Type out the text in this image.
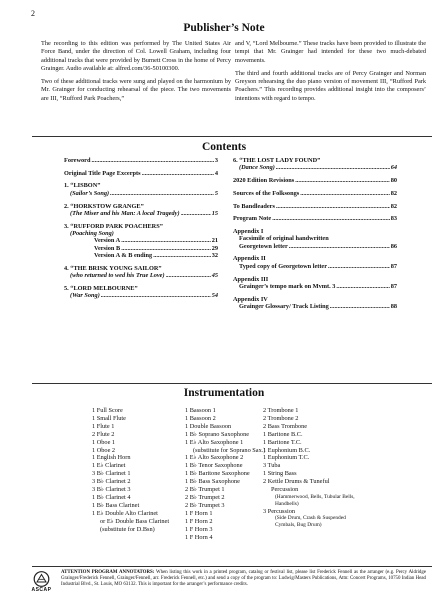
2
Publisher’s Note

The recording to this edition was performed by The United States Air Force Band, under the direction of Col. Lowell Graham, including four additional tracks that were provided by Burnett Cross in the home of Percy Grainger. Audio available at: alfred.com/36-50100300.

Two of these additional tracks were sung and played on the harmonium by Mr. Grainger for conducting rehearsal of the piece. The two movements are III, “Rufford Park Poachers,”

and V, “Lord Melbourne.” These tracks have been provided to illustrate the tempi that Mr. Grainger had intended for these two much-debated movements.

The third and fourth additional tracks are of Percy Grainger and Norman Greyson rehearsing the duo piano version of movement III, “Rufford Park Poachers.” This recording provides additional insight into the composers’ intentions with regard to tempo.

Contents
Foreword .....	3
Original Title Page Excerpts .....	4
1. “LISBON”
(Sailor’s Song) .....	5
2. “HORKSTOW GRANGE”
(The Miser and his Man: A local Tragedy) .....	15
3. “RUFFORD PARK POACHERS”
(Poaching Song)
Version A .....	21
Version B .....	29
Version A & B ending .....	32
4. “THE BRISK YOUNG SAILOR”
(who returned to wed his True Love) .....	45
5. “LORD MELBOURNE”
(War Song) .....	54
6. “THE LOST LADY FOUND”
(Dance Song) .....	64
2020 Edition Revisions .....	80
Sources of the Folksongs .....	82
To Bandleaders .....	82
Program Note .....	83
Appendix I
Facsimile of original handwritten
Georgetown letter .....	86
Appendix II
Typed copy of Georgetown letter .....	87
Appendix III
Grainger’s tempo mark on Mvmt. 3 .....	87
Appendix IV
Grainger Glossary/ Track Listing .....	88
Instrumentation
1 Full Score
1 Small Flute
1 Flute 1
2 Flute 2
1 Oboe 1
1 Oboe 2
1 English Horn
1 E♭ Clarinet
3 B♭ Clarinet 1
3 B♭ Clarinet 2
3 B♭ Clarinet 3
1 B♭ Clarinet 4
1 B♭ Bass Clarinet
1 E♭ Double Alto Clarinet
or E♭ Double Bass Clarinet
(substitute for D.Bsn)
1 Bassoon 1
1 Bassoon 2
1 Double Bassoon
1 B♭ Soprano Saxophone
1 E♭ Alto Saxophone 1
(substitute for Soprano Sax.)
1 E♭ Alto Saxophone 2
1 B♭ Tenor Saxophone
1 B♭ Baritone Saxophone
1 B♭ Bass Saxophone
2 B♭ Trumpet 1
2 B♭ Trumpet 2
2 B♭ Trumpet 3
1 F Horn 1
1 F Horn 2
1 F Horn 3
1 F Horn 4
2 Trombone 1
2 Trombone 2
2 Bass Trombone
1 Baritone B.C.
1 Baritone T.C.
1 Euphonium B.C.
1 Euphonium T.C.
3 Tuba
1 String Bass
2 Kettle Drums & Tuneful
Percussion
(Hammerwood, Bells, Tubular Bells,
Handbells)
3 Percussion
(Side Drum, Crash & Suspended
Cymbals, Bug Drum)
ASCAP
ATTENTION PROGRAM ANNOTATORS: When listing this work in a printed program, catalog or festival list, please list Frederick Fennell as the arranger (e.g. Percy Aldridge Grainger/Frederick Fennell, Grainger/Fennell, arr. Frederick Fennell, etc.) and send a copy of the program to: Ludwig/Masters Publications, Attn: Concert Programs, 10750 Indian Head Industrial Blvd., St. Louis, MO 63132. This is important for the arranger’s performance credits.
